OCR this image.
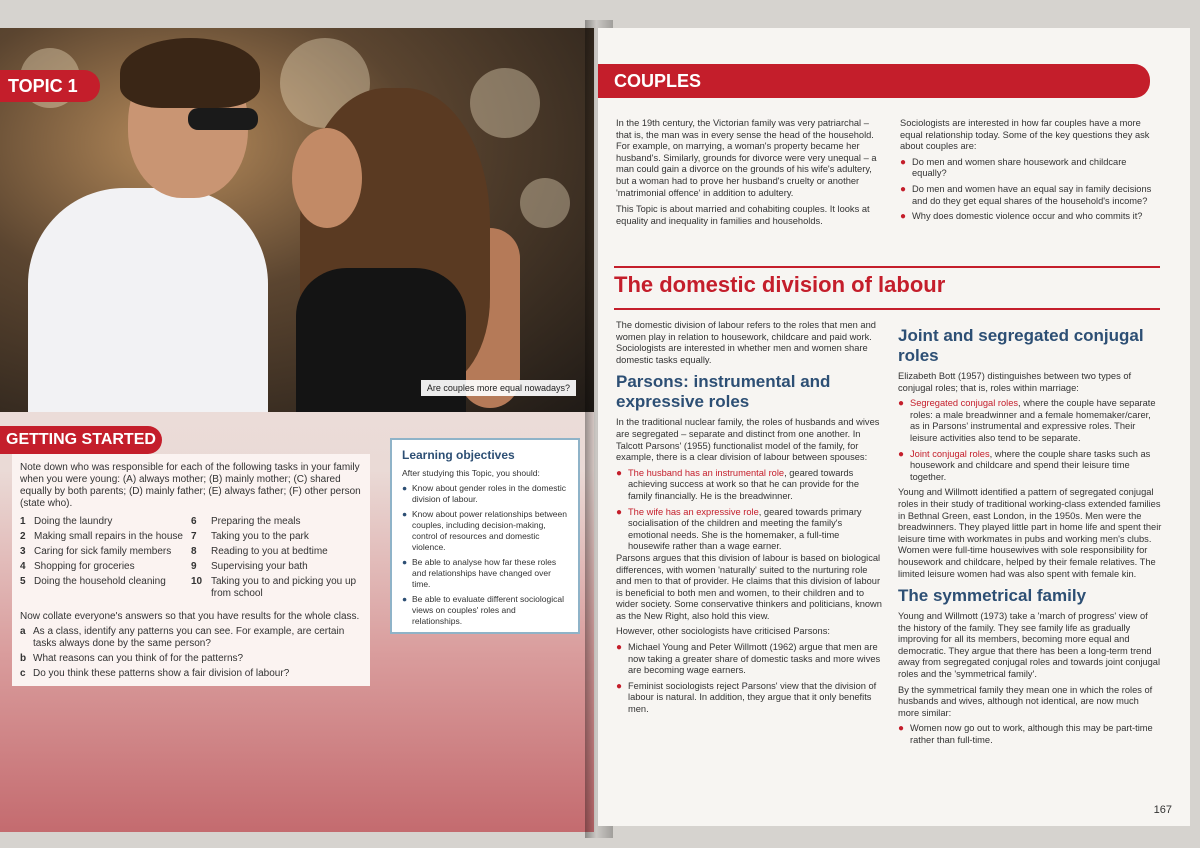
Are couples more equal nowadays?
TOPIC 1
GETTING STARTED
Note down who was responsible for each of the following tasks in your family when you were young: (A) always mother; (B) mainly mother; (C) shared equally by both parents; (D) mainly father; (E) always father; (F) other person (state who).
1 Doing the laundry
2 Making small repairs in the house
3 Caring for sick family members
4 Shopping for groceries
5 Doing the household cleaning
6	Preparing the meals
7	Taking you to the park
8	Reading to you at bedtime
9	Supervising your bath
10 Taking you to and picking you up from school
Now collate everyone's answers so that you have results for the whole class.
a As a class, identify any patterns you can see. For example, are certain tasks always done by the same person?
b What reasons can you think of for the patterns?
c Do you think these patterns show a fair division of labour?
Learning objectives
After studying this Topic, you should:
● Know about gender roles in the domestic division of labour.
● Know about power relationships between couples, including decision-making, control of resources and domestic violence.
● Be able to analyse how far these roles and relationships have changed over time.
● Be able to evaluate different sociological views on couples' roles and relationships.
COUPLES

In the 19th century, the Victorian family was very patriarchal – that is, the man was in every sense the head of the household. For example, on marrying, a woman's property became her husband's. Similarly, grounds for divorce were very unequal – a man could gain a divorce on the grounds of his wife's adultery, but a woman had to prove her husband's cruelty or another 'matrimonial offence' in addition to adultery.

This Topic is about married and cohabiting couples. It looks at equality and inequality in families and households.

Sociologists are interested in how far couples have a more equal relationship today. Some of the key questions they ask about couples are:

● Do men and women share housework and childcare equally?
● Do men and women have an equal say in family decisions and do they get equal shares of the household's income?
● Why does domestic violence occur and who commits it?
The domestic division of labour

The domestic division of labour refers to the roles that men and women play in relation to housework, childcare and paid work. Sociologists are interested in whether men and women share domestic tasks equally.

Parsons: instrumental and expressive roles

In the traditional nuclear family, the roles of husbands and wives are segregated – separate and distinct from one another. In Talcott Parsons' (1955) functionalist model of the family, for example, there is a clear division of labour between spouses:

● The husband has an instrumental role, geared towards achieving success at work so that he can provide for the family financially. He is the breadwinner.
● The wife has an expressive role, geared towards primary socialisation of the children and meeting the family's emotional needs. She is the homemaker, a full-time housewife rather than a wage earner.

Parsons argues that this division of labour is based on biological differences, with women 'naturally' suited to the nurturing role and men to that of provider. He claims that this division of labour is beneficial to both men and women, to their children and to wider society. Some conservative thinkers and politicians, known as the New Right, also hold this view.

However, other sociologists have criticised Parsons:

● Michael Young and Peter Willmott (1962) argue that men are now taking a greater share of domestic tasks and more wives are becoming wage earners.
● Feminist sociologists reject Parsons' view that the division of labour is natural. In addition, they argue that it only benefits men.
Joint and segregated conjugal roles

Elizabeth Bott (1957) distinguishes between two types of conjugal roles; that is, roles within marriage:

● Segregated conjugal roles, where the couple have separate roles: a male breadwinner and a female homemaker/carer, as in Parsons' instrumental and expressive roles. Their leisure activities also tend to be separate.
● Joint conjugal roles, where the couple share tasks such as housework and childcare and spend their leisure time together.

Young and Willmott identified a pattern of segregated conjugal roles in their study of traditional working-class extended families in Bethnal Green, east London, in the 1950s. Men were the breadwinners. They played little part in home life and spent their leisure time with workmates in pubs and working men's clubs. Women were full-time housewives with sole responsibility for housework and childcare, helped by their female relatives. The limited leisure women had was also spent with female kin.

The symmetrical family

Young and Willmott (1973) take a 'march of progress' view of the history of the family. They see family life as gradually improving for all its members, becoming more equal and democratic. They argue that there has been a long-term trend away from segregated conjugal roles and towards joint conjugal roles and the 'symmetrical family'.

By the symmetrical family they mean one in which the roles of husbands and wives, although not identical, are now much more similar:

● Women now go out to work, although this may be part-time rather than full-time.
167
